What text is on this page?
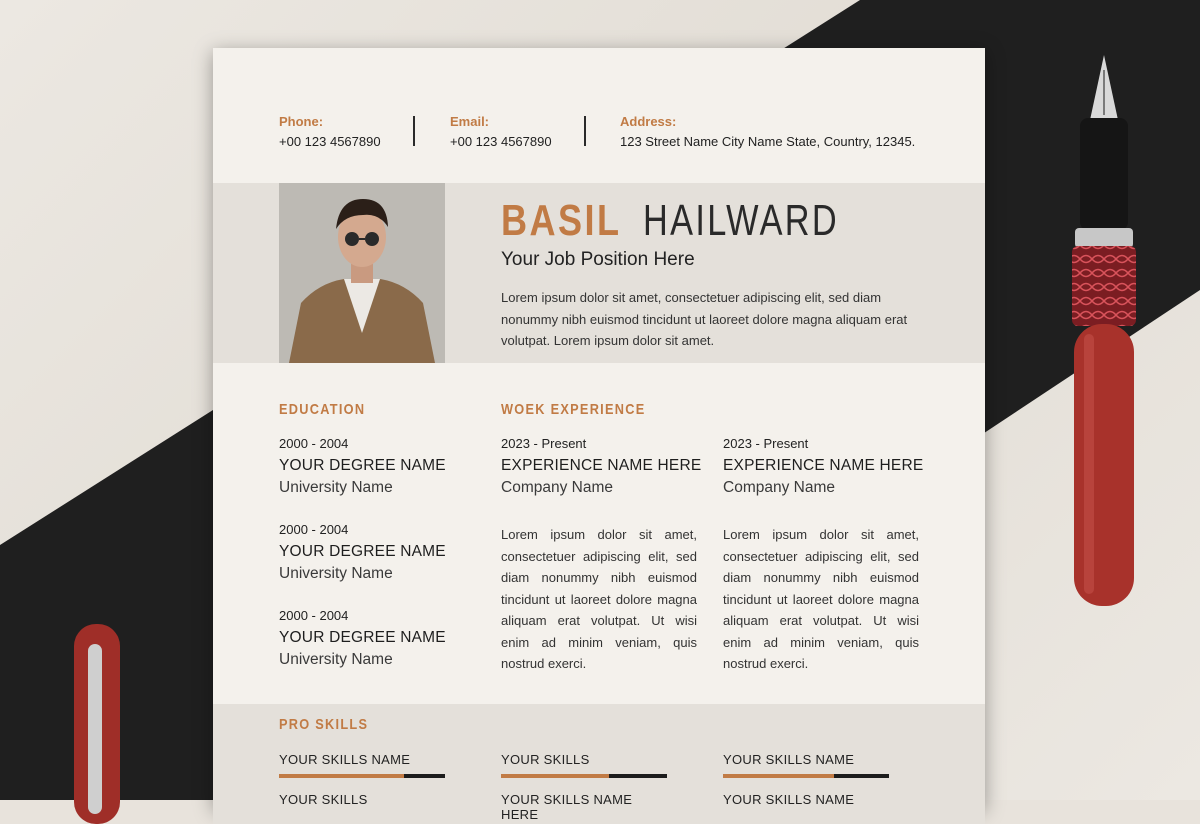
Phone:
+00 123 4567890
Email:
+00 123 4567890
Address:
123 Street Name City Name State, Country, 12345.
BASIL HAILWARD
Your Job Position Here
Lorem ipsum dolor sit amet, consectetuer adipiscing elit, sed diam nonummy nibh euismod tincidunt ut laoreet dolore magna aliquam erat volutpat. Lorem ipsum dolor sit amet.
EDUCATION
2000 - 2004
YOUR DEGREE NAME
University Name
2000 - 2004
YOUR DEGREE NAME
University Name
2000 - 2004
YOUR DEGREE NAME
University Name
WOEK EXPERIENCE
2023 - Present
EXPERIENCE NAME HERE
Company Name
Lorem ipsum dolor sit amet, consectetuer adipiscing elit, sed diam nonummy nibh euismod tincidunt ut laoreet dolore magna aliquam erat volutpat. Ut wisi enim ad minim veniam, quis nostrud exerci.
2023 - Present
EXPERIENCE NAME HERE
Company Name
Lorem ipsum dolor sit amet, consectetuer adipiscing elit, sed diam nonummy nibh euismod tincidunt ut laoreet dolore magna aliquam erat volutpat. Ut wisi enim ad minim veniam, quis nostrud exerci.
PRO SKILLS
YOUR SKILLS NAME	YOUR SKILLS	YOUR SKILLS NAME
YOUR SKILLS	YOUR SKILLS NAME HERE
YOUR SKILLS NAME
